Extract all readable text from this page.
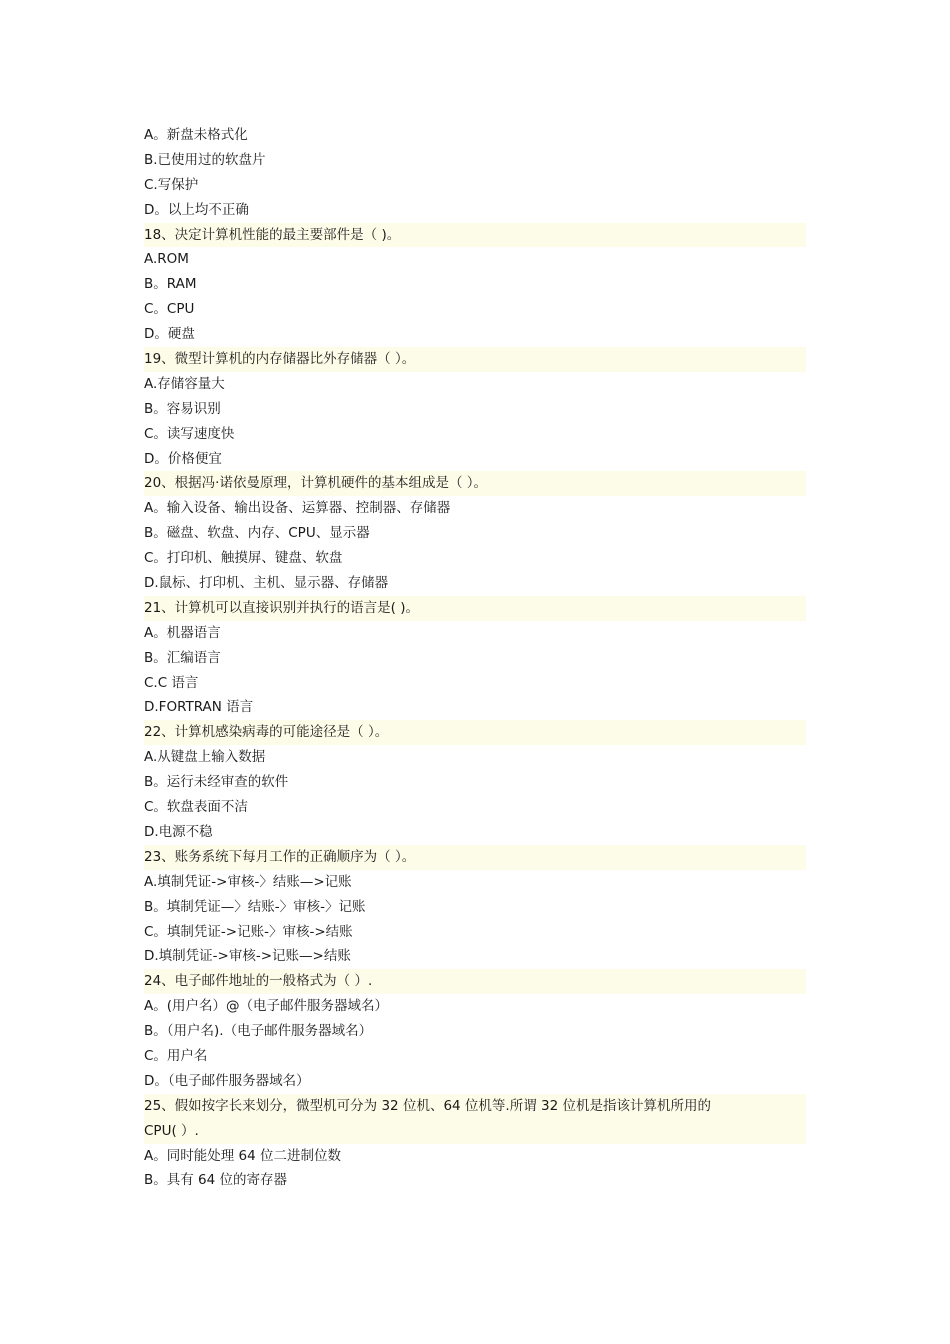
A。新盘未格式化
B.已使用过的软盘片
C.写保护
D。以上均不正确
18、决定计算机性能的最主要部件是（ )。
A.ROM
B。RAM
C。CPU
D。硬盘
19、微型计算机的内存储器比外存储器（ ）。
A.存储容量大
B。容易识别
C。读写速度快
D。价格便宜
20、根据冯·诺依曼原理，计算机硬件的基本组成是（ ）。
A。输入设备、输出设备、运算器、控制器、存储器
B。磁盘、软盘、内存、CPU、显示器
C。打印机、触摸屏、键盘、软盘
D.鼠标、打印机、主机、显示器、存储器
21、计算机可以直接识别并执行的语言是( )。
A。机器语言
B。汇编语言
C.C 语言
D.FORTRAN 语言
22、计算机感染病毒的可能途径是（ ）。
A.从键盘上输入数据
B。运行未经审查的软件
C。软盘表面不洁
D.电源不稳
23、账务系统下每月工作的正确顺序为（ ）。
A.填制凭证->审核-〉结账—>记账
B。填制凭证—〉结账-〉审核-〉记账
C。填制凭证->记账-〉审核->结账
D.填制凭证->审核->记账—>结账
24、电子邮件地址的一般格式为（ ）.
A。(用户名）@（电子邮件服务器域名）
B。（用户名).（电子邮件服务器域名）
C。用户名
D。（电子邮件服务器域名）
25、假如按字长来划分，微型机可分为 32 位机、64 位机等.所谓 32 位机是指该计算机所用的
CPU( ）.
A。同时能处理 64 位二进制位数
B。具有 64 位的寄存器
